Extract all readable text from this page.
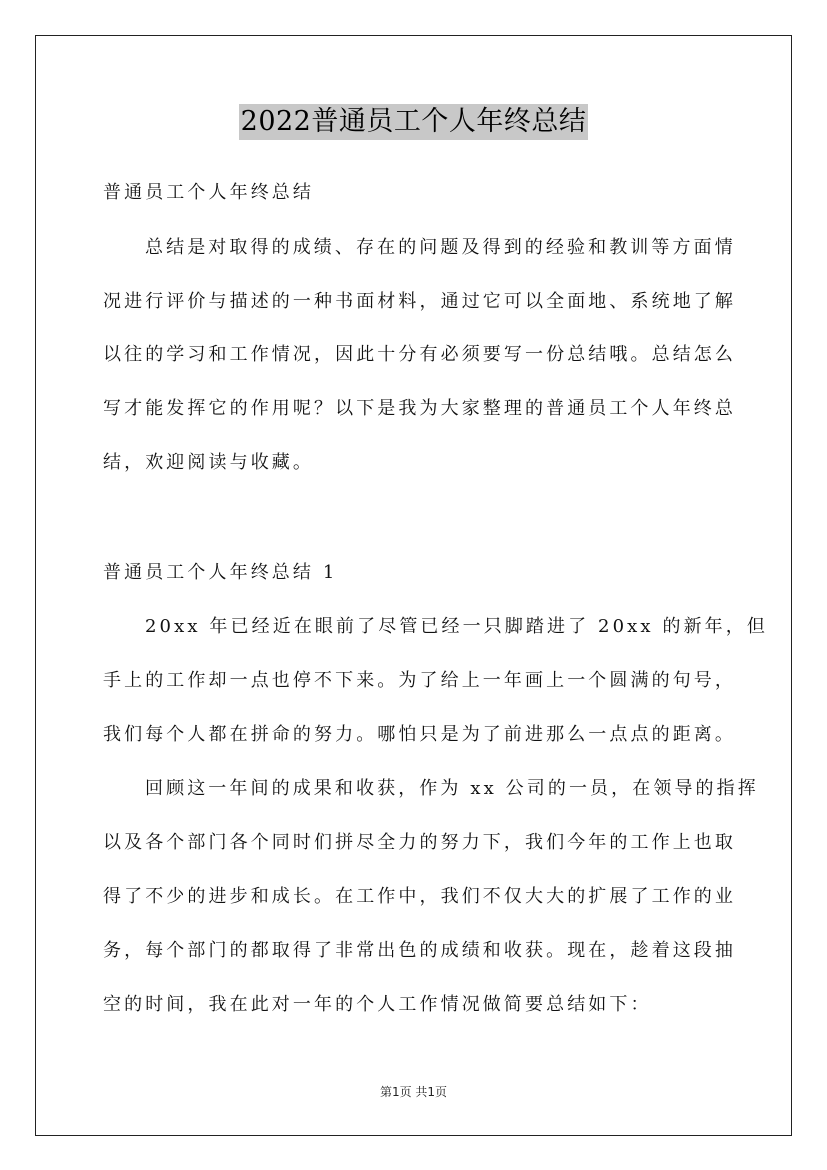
2022普通员工个人年终总结
普通员工个人年终总结
总结是对取得的成绩、存在的问题及得到的经验和教训等方面情
况进行评价与描述的一种书面材料，通过它可以全面地、系统地了解
以往的学习和工作情况，因此十分有必须要写一份总结哦。总结怎么
写才能发挥它的作用呢？以下是我为大家整理的普通员工个人年终总
结，欢迎阅读与收藏。
普通员工个人年终总结 1
20xx 年已经近在眼前了尽管已经一只脚踏进了 20xx 的新年，但
手上的工作却一点也停不下来。为了给上一年画上一个圆满的句号，
我们每个人都在拼命的努力。哪怕只是为了前进那么一点点的距离。
回顾这一年间的成果和收获，作为 xx 公司的一员，在领导的指挥
以及各个部门各个同时们拼尽全力的努力下，我们今年的工作上也取
得了不少的进步和成长。在工作中，我们不仅大大的扩展了工作的业
务，每个部门的都取得了非常出色的成绩和收获。现在，趁着这段抽
空的时间，我在此对一年的个人工作情况做简要总结如下：
第1页 共1页
